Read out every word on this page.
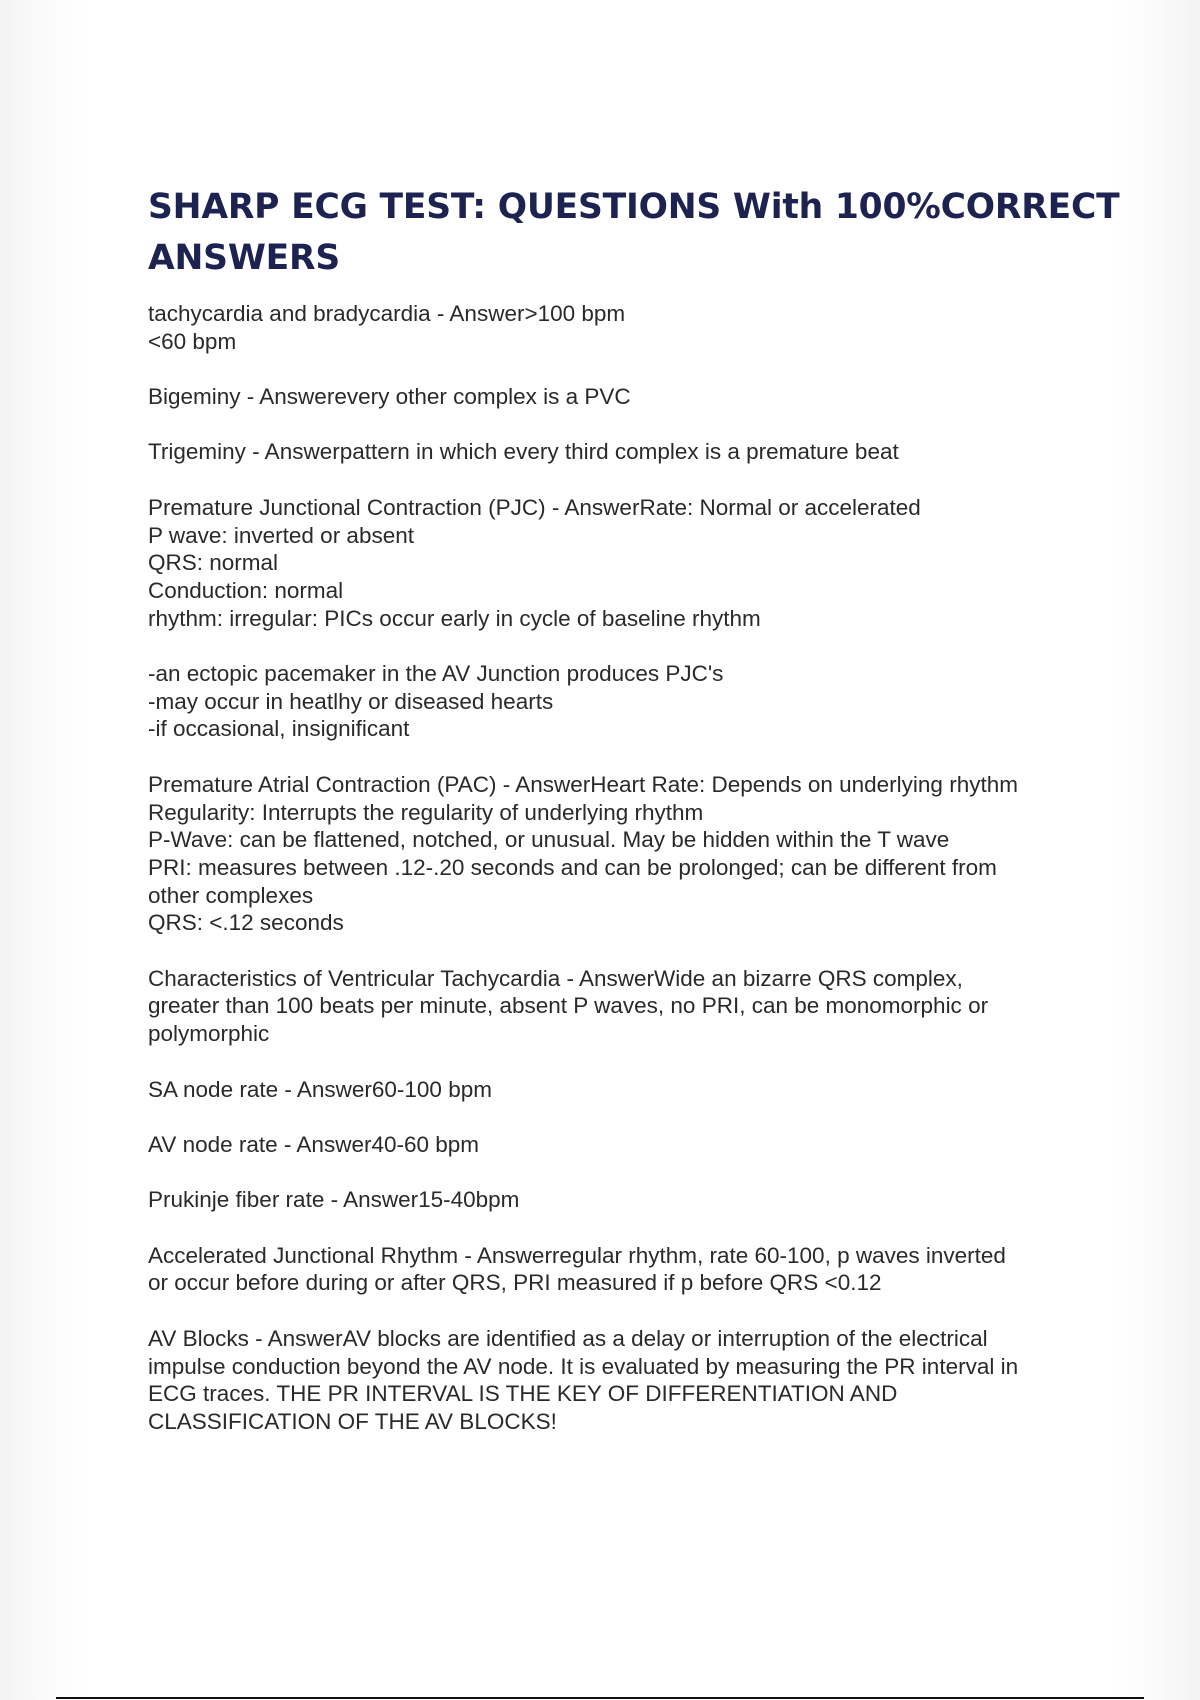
SHARP ECG TEST: QUESTIONS With 100%CORRECT
ANSWERS
tachycardia and bradycardia - Answer>100 bpm
<60 bpm
Bigeminy - Answerevery other complex is a PVC
Trigeminy - Answerpattern in which every third complex is a premature beat
Premature Junctional Contraction (PJC) - AnswerRate: Normal or accelerated
P wave: inverted or absent
QRS: normal
Conduction: normal
rhythm: irregular: PICs occur early in cycle of baseline rhythm
-an ectopic pacemaker in the AV Junction produces PJC's
-may occur in heatlhy or diseased hearts
-if occasional, insignificant
Premature Atrial Contraction (PAC) - AnswerHeart Rate: Depends on underlying rhythm
Regularity: Interrupts the regularity of underlying rhythm
P-Wave: can be flattened, notched, or unusual. May be hidden within the T wave
PRI: measures between .12-.20 seconds and can be prolonged; can be different from
other complexes
QRS: <.12 seconds
Characteristics of Ventricular Tachycardia - AnswerWide an bizarre QRS complex,
greater than 100 beats per minute, absent P waves, no PRI, can be monomorphic or
polymorphic
SA node rate - Answer60-100 bpm
AV node rate - Answer40-60 bpm
Prukinje fiber rate - Answer15-40bpm
Accelerated Junctional Rhythm - Answerregular rhythm, rate 60-100, p waves inverted
or occur before during or after QRS, PRI measured if p before QRS <0.12
AV Blocks - AnswerAV blocks are identified as a delay or interruption of the electrical
impulse conduction beyond the AV node. It is evaluated by measuring the PR interval in
ECG traces. THE PR INTERVAL IS THE KEY OF DIFFERENTIATION AND
CLASSIFICATION OF THE AV BLOCKS!
